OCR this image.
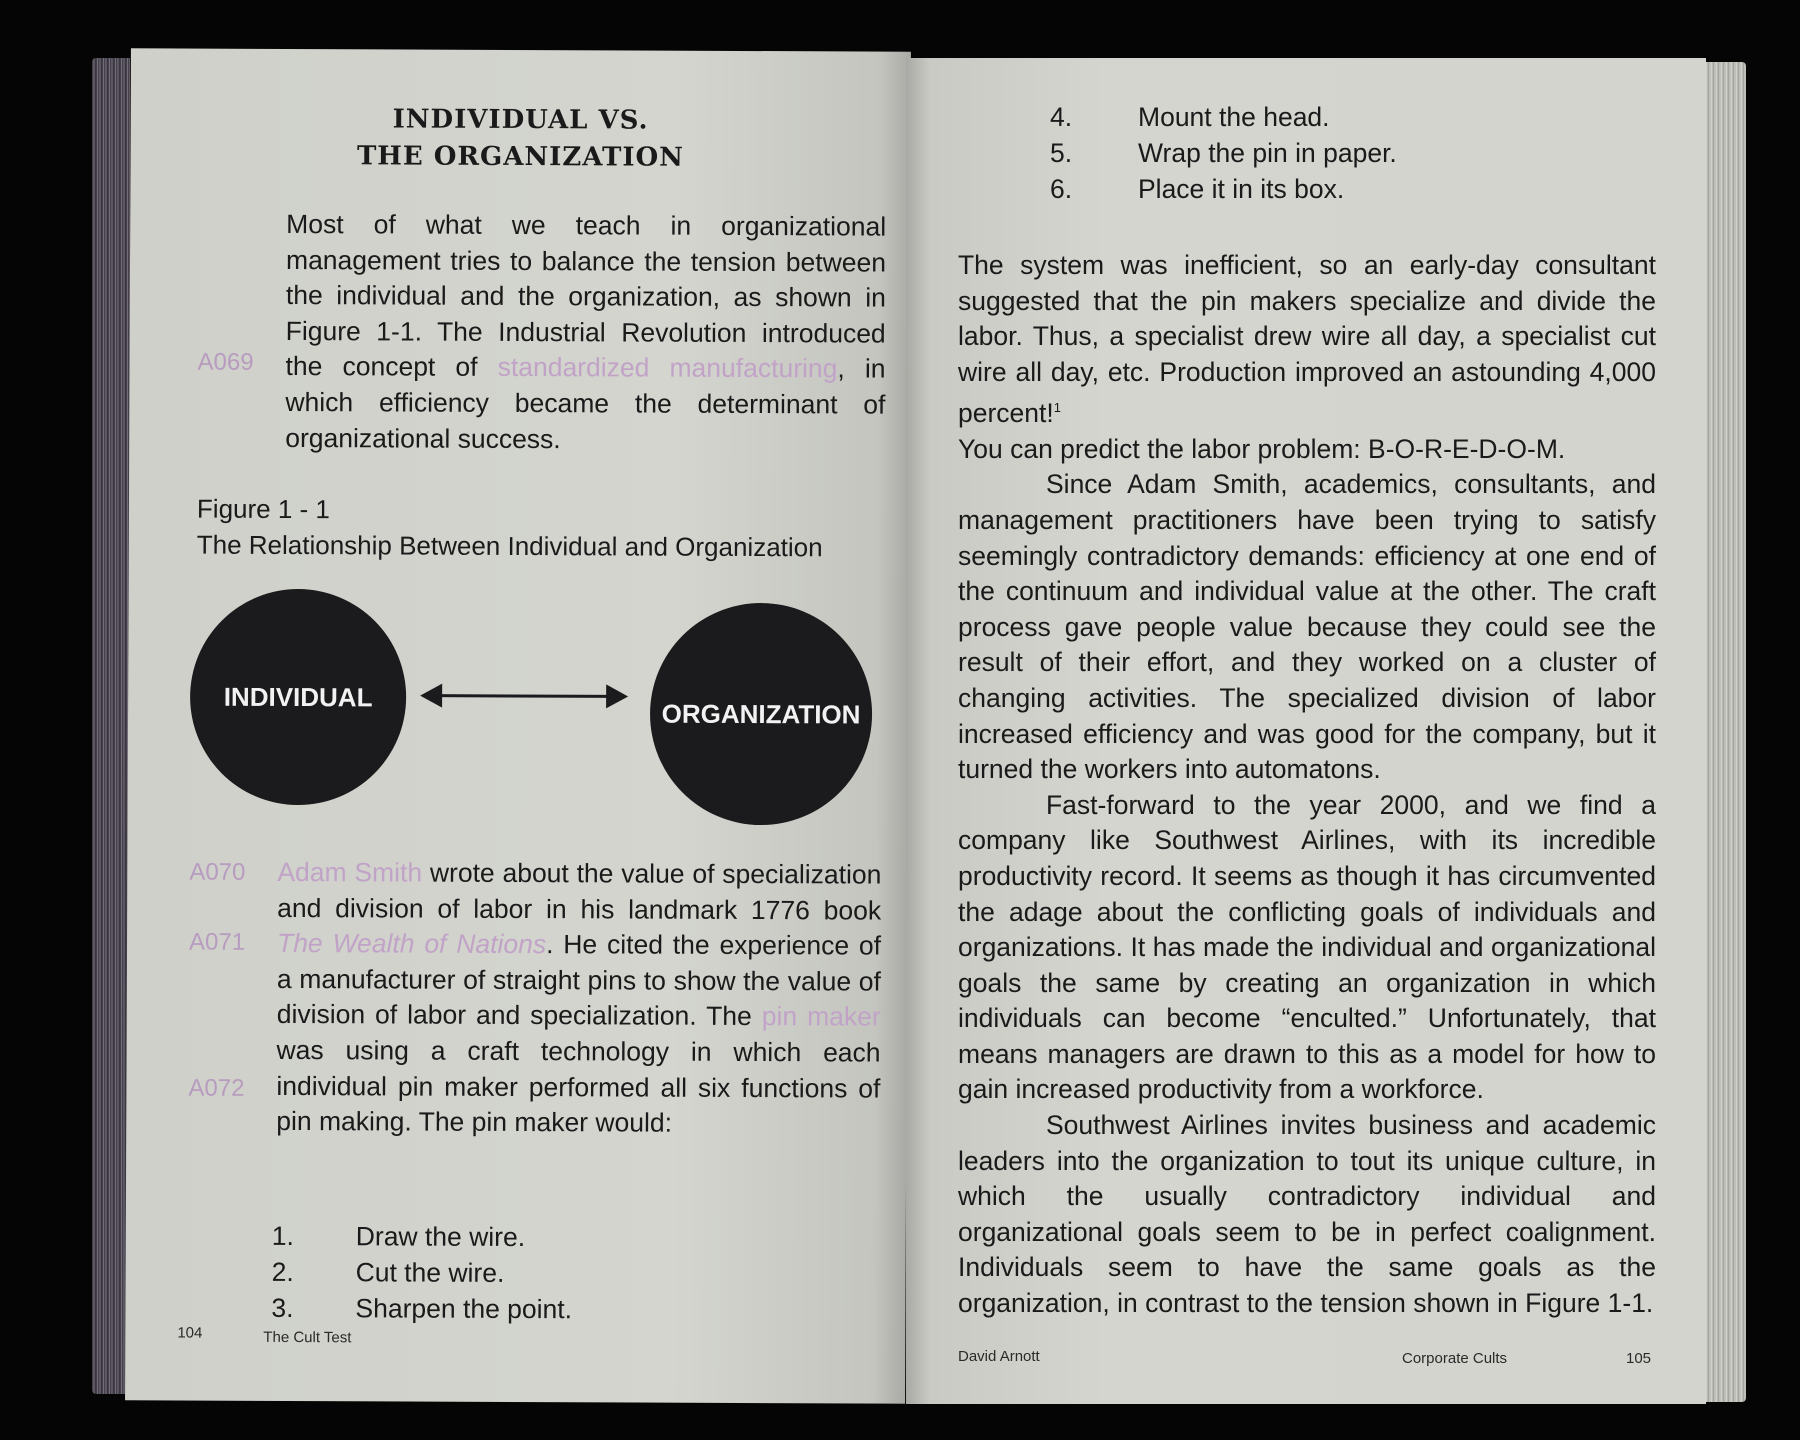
INDIVIDUAL VS.
THE ORGANIZATION
A069
Most of what we teach in organizational management tries to balance the tension between the individual and the organization, as shown in Figure 1-1. The Industrial Revolution introduced the concept of standardized manufacturing, in which efficiency became the determinant of organizational success.
Figure 1 - 1
The Relationship Between Individual and Organization
INDIVIDUAL
ORGANIZATION
A070
A071
A072
Adam Smith wrote about the value of specialization and division of labor in his landmark 1776 book The Wealth of Nations. He cited the experience of a manufacturer of straight pins to show the value of division of labor and specialization. The pin maker was using a craft technology in which each individual pin maker performed all six functions of pin making. The pin maker would:
1. Draw the wire.
2. Cut the wire.
3. Sharpen the point.
104	The Cult Test
4. Mount the head.
5. Wrap the pin in paper.
6. Place it in its box.
The system was inefficient, so an early-day consultant suggested that the pin makers specialize and divide the labor. Thus, a specialist drew wire all day, a specialist cut wire all day, etc. Production improved an astounding 4,000 percent!$^1$
You can predict the labor problem: B-O-R-E-D-O-M.
Since Adam Smith, academics, consultants, and management practitioners have been trying to satisfy seemingly contradictory demands: efficiency at one end of the continuum and individual value at the other. The craft process gave people value because they could see the result of their effort, and they worked on a cluster of changing activities. The specialized division of labor increased efficiency and was good for the company, but it turned the workers into automatons.
Fast-forward to the year 2000, and we find a company like Southwest Airlines, with its incredible productivity record. It seems as though it has circumvented the adage about the conflicting goals of individuals and organizations. It has made the individual and organizational goals the same by creating an organization in which individuals can become “enculted.” Unfortunately, that means managers are drawn to this as a model for how to gain increased productivity from a workforce.
Southwest Airlines invites business and academic leaders into the organization to tout its unique culture, in which the usually contradictory individual and organizational goals seem to be in perfect coalignment. Individuals seem to have the same goals as the organization, in contrast to the tension shown in Figure 1-1.
David Arnott	Corporate Cults	105
